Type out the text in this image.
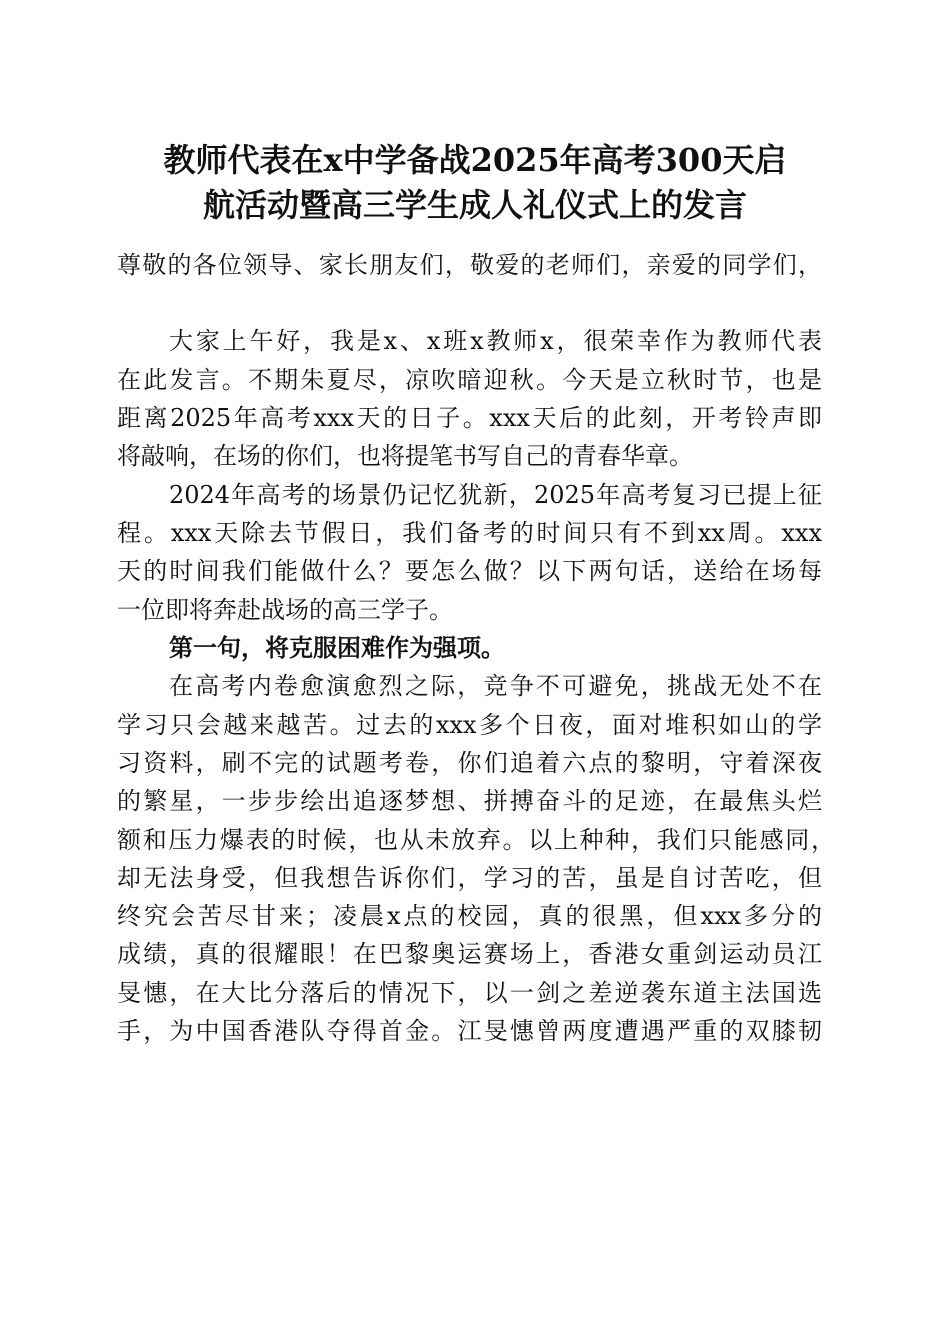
教师代表在x中学备战2025年高考300天启
航活动暨高三学生成人礼仪式上的发言
尊敬的各位领导、家长朋友们，敬爱的老师们，亲爱的同学们，
大家上午好，我是x、x班x教师x，很荣幸作为教师代表
在此发言。不期朱夏尽，凉吹暗迎秋。今天是立秋时节，也是
距离2025年高考xxx天的日子。xxx天后的此刻，开考铃声即
将敲响，在场的你们，也将提笔书写自己的青春华章。
2024年高考的场景仍记忆犹新，2025年高考复习已提上征
程。xxx天除去节假日，我们备考的时间只有不到xx周。xxx
天的时间我们能做什么？要怎么做？以下两句话，送给在场每
一位即将奔赴战场的高三学子。
第一句，将克服困难作为强项。
在高考内卷愈演愈烈之际，竞争不可避免，挑战无处不在
学习只会越来越苦。过去的xxx多个日夜，面对堆积如山的学
习资料，刷不完的试题考卷，你们追着六点的黎明，守着深夜
的繁星，一步步绘出追逐梦想、拼搏奋斗的足迹，在最焦头烂
额和压力爆表的时候，也从未放弃。以上种种，我们只能感同，
却无法身受，但我想告诉你们，学习的苦，虽是自讨苦吃，但
终究会苦尽甘来；凌晨x点的校园，真的很黑，但xxx多分的
成绩，真的很耀眼！在巴黎奥运赛场上，香港女重剑运动员江
旻憓，在大比分落后的情况下，以一剑之差逆袭东道主法国选
手，为中国香港队夺得首金。江旻憓曾两度遭遇严重的双膝韧
